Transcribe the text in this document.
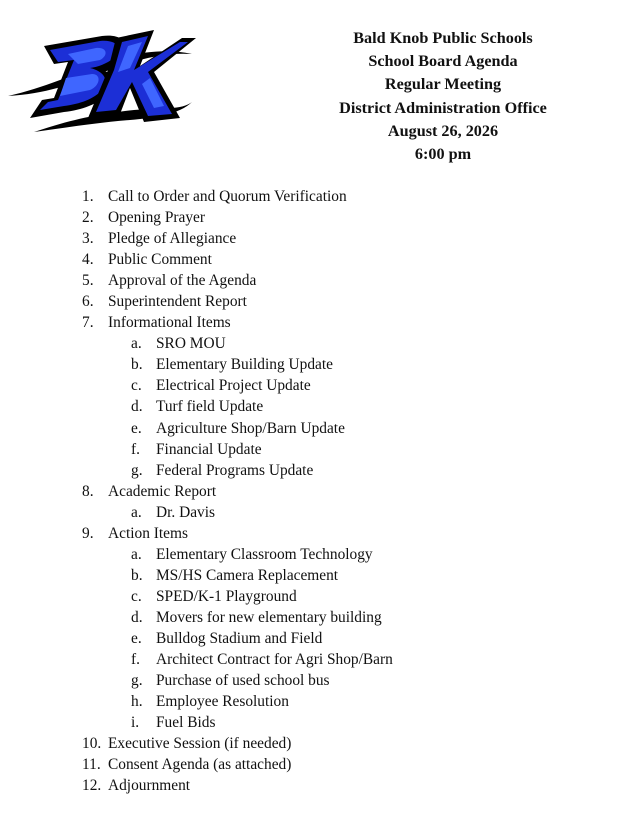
Bald Knob Public Schools
School Board Agenda
Regular Meeting
District Administration Office
August 26, 2026
6:00 pm
1. Call to Order and Quorum Verification
2. Opening Prayer
3. Pledge of Allegiance
4. Public Comment
5. Approval of the Agenda
6. Superintendent Report
7. Informational Items
a. SRO MOU
b. Elementary Building Update
c. Electrical Project Update
d. Turf field Update
e. Agriculture Shop/Barn Update
f.	Financial Update
g. Federal Programs Update
8. Academic Report
a. Dr. Davis
9. Action Items
a. Elementary Classroom Technology
b. MS/HS Camera Replacement
c. SPED/K-1 Playground
d. Movers for new elementary building
e. Bulldog Stadium and Field
f.	Architect Contract for Agri Shop/Barn
g. Purchase of used school bus
h. Employee Resolution
i.	Fuel Bids
10. Executive Session (if needed)
11. Consent Agenda (as attached)
12. Adjournment
